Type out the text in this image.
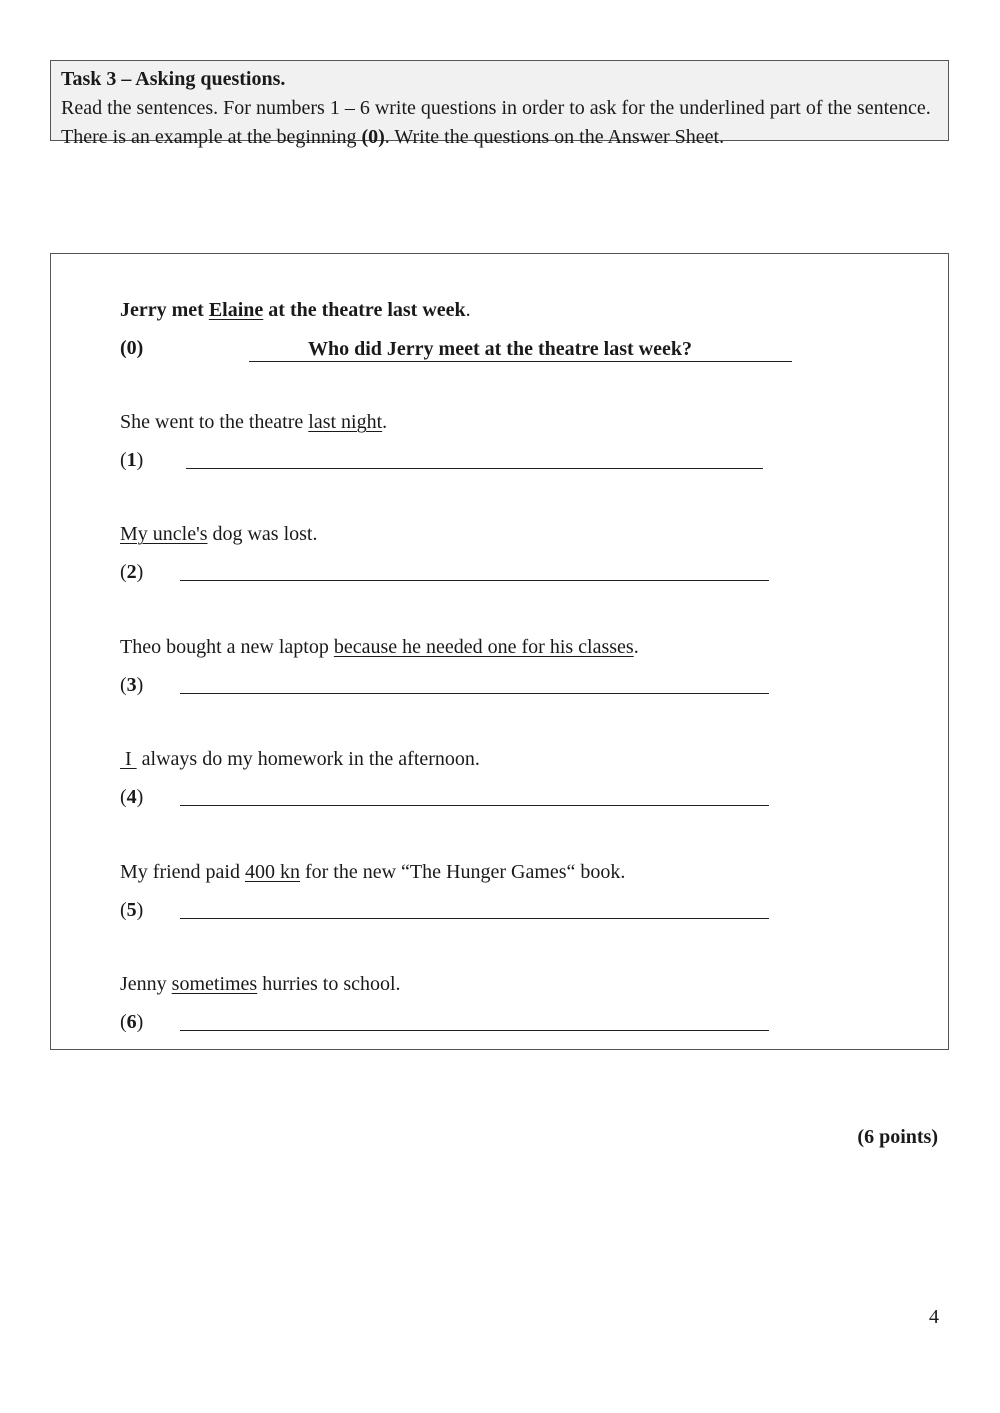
Task 3 – Asking questions.
Read the sentences. For numbers 1 – 6 write questions in order to ask for the underlined part of the sentence. There is an example at the beginning (0). Write the questions on the Answer Sheet.
Jerry met Elaine at the theatre last week.
(0)	Who did Jerry meet at the theatre last week?
She went to the theatre last night.
(1)
My uncle's dog was lost.
(2)
Theo bought a new laptop because he needed one for his classes.
(3)
I  always do my homework in the afternoon.
(4)
My friend paid 400 kn for the new “The Hunger Games“ book.
(5)
Jenny sometimes hurries to school.
(6)
(6 points)
4
